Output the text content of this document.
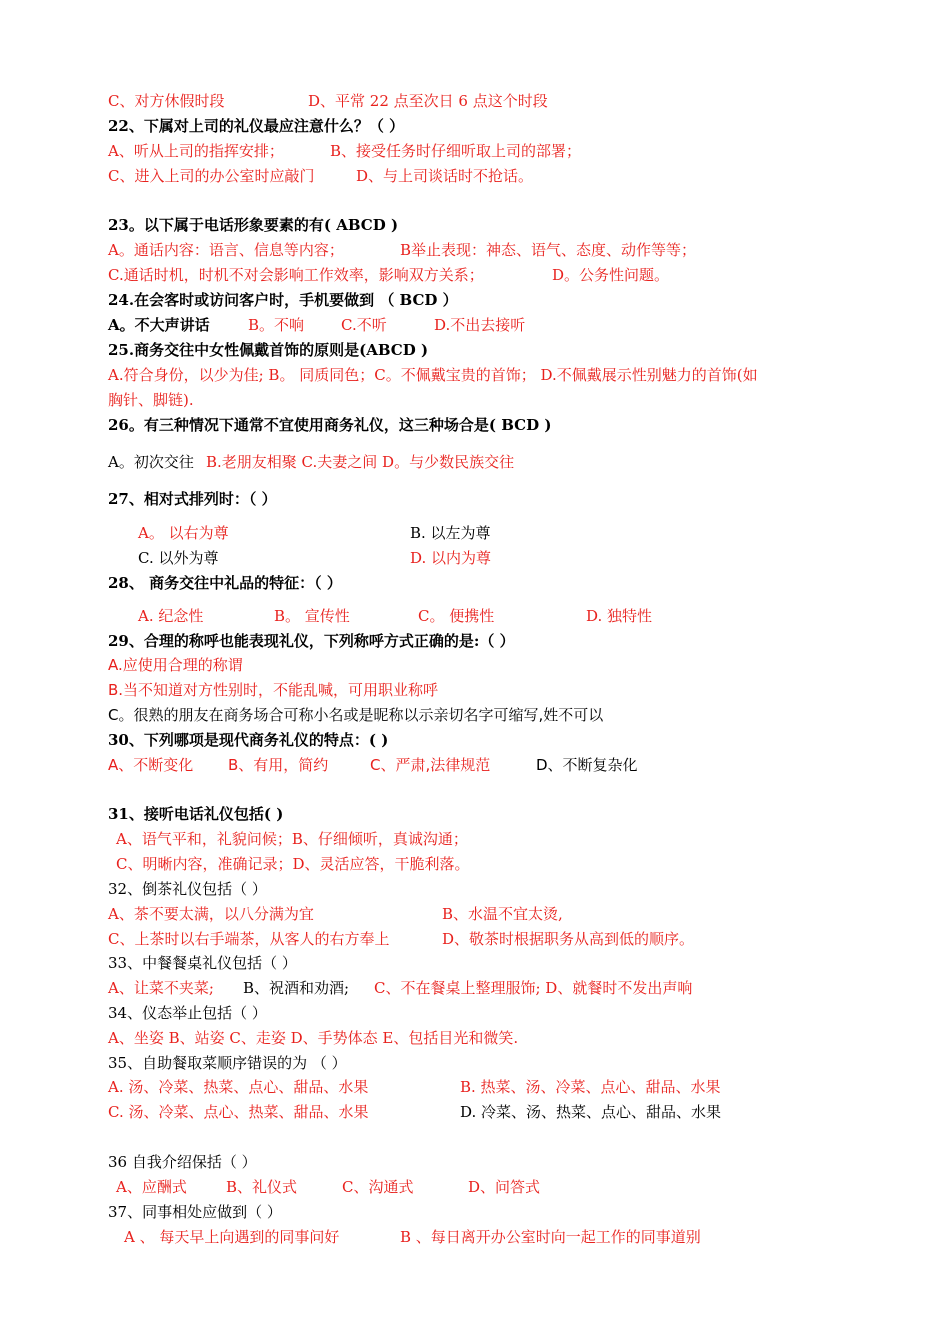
C、对方休假时段	D、平常 22 点至次日 6 点这个时段
22、下属对上司的礼仪最应注意什么？（ ）
A、听从上司的指挥安排；	B、接受任务时仔细听取上司的部署；
C、进入上司的办公室时应敲门	D、与上司谈话时不抢话。
23。以下属于电话形象要素的有( ABCD )
A。通话内容：语言、信息等内容；	B举止表现：神态、语气、态度、动作等等；
C.通话时机，时机不对会影响工作效率，影响双方关系；	D。公务性问题。
24.在会客时或访问客户时，手机要做到 （ BCD ）
A。不大声讲话	B。不响 C.不听	D.不出去接听
25.商务交往中女性佩戴首饰的原则是(ABCD )
A.符合身份，以少为佳; B。 同质同色；C。不佩戴宝贵的首饰； D.不佩戴展示性别魅力的首饰(如
胸针、脚链).
26。有三种情况下通常不宜使用商务礼仪，这三种场合是( BCD )
A。初次交往 B.老朋友相聚 C.夫妻之间 D。与少数民族交往
27、相对式排列时：（ ）
A。 以右为尊	B. 以左为尊
C. 以外为尊	D. 以内为尊
28、 商务交往中礼品的特征：（ ）
A. 纪念性	B。 宣传性	C。 便携性	D. 独特性
29、合理的称呼也能表现礼仪，下列称呼方式正确的是:（ ）
A.应使用合理的称谓
B.当不知道对方性别时，不能乱喊，可用职业称呼
C。很熟的朋友在商务场合可称小名或是昵称以示亲切名字可缩写,姓不可以
30、下列哪项是现代商务礼仪的特点：( )
A、不断变化 B、有用，简约	C、严肃,法律规范	D、不断复杂化
31、接听电话礼仪包括( )
A、语气平和，礼貌问候；B、仔细倾听，真诚沟通；
C、明晰内容，准确记录；D、灵活应答，干脆利落。
32、倒茶礼仪包括（ ）
A、茶不要太满，以八分满为宜	B、水温不宜太烫,
C、上茶时以右手端茶，从客人的右方奉上	D、敬茶时根据职务从高到低的顺序。
33、中餐餐桌礼仪包括（ ）
A、让菜不夹菜; B、祝酒和劝酒; C、不在餐桌上整理服饰; D、就餐时不发出声响
34、仪态举止包括（ ）
A、坐姿 B、站姿 C、走姿 D、手势体态 E、包括目光和微笑.
35、自助餐取菜顺序错误的为 （ ）
A. 汤、冷菜、热菜、点心、甜品、水果	B. 热菜、汤、冷菜、点心、甜品、水果
C. 汤、冷菜、点心、热菜、甜品、水果	D. 冷菜、汤、热菜、点心、甜品、水果
36 自我介绍保括（ ）
A、应酬式	B、礼仪式	C、沟通式	D、问答式
37、同事相处应做到（ ）
A 、 每天早上向遇到的同事问好	B 、每日离开办公室时向一起工作的同事道别
